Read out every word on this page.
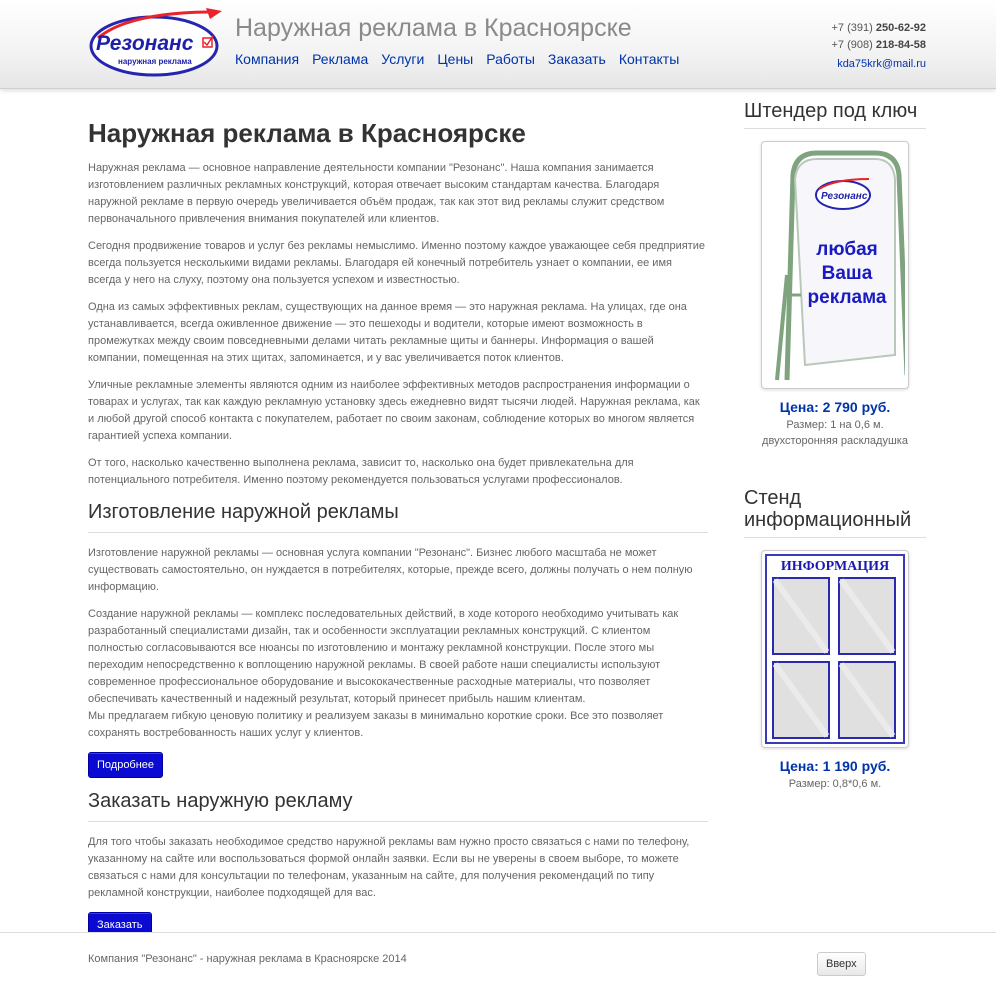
Резонанс
наружная реклама
Наружная реклама в Красноярске
Компания Реклама Услуги Цены Работы Заказать Контакты
+7 (391) 250-62-92
+7 (908) 218-84-58
kda75krk@mail.ru
Наружная реклама в Красноярске

Наружная реклама — основное направление деятельности компании "Резонанс". Наша компания занимается изготовлением различных рекламных конструкций, которая отвечает высоким стандартам качества. Благодаря наружной рекламе в первую очередь увеличивается объём продаж, так как этот вид рекламы служит средством первоначального привлечения внимания покупателей или клиентов.

Сегодня продвижение товаров и услуг без рекламы немыслимо. Именно поэтому каждое уважающее себя предприятие всегда пользуется несколькими видами рекламы. Благодаря ей конечный потребитель узнает о компании, ее имя всегда у него на слуху, поэтому она пользуется успехом и известностью.

Одна из самых эффективных реклам, существующих на данное время — это наружная реклама. На улицах, где она устанавливается, всегда оживленное движение — это пешеходы и водители, которые имеют возможность в промежутках между своим повседневными делами читать рекламные щиты и баннеры. Информация о вашей компании, помещенная на этих щитах, запоминается, и у вас увеличивается поток клиентов.

Уличные рекламные элементы являются одним из наиболее эффективных методов распространения информации о товарах и услугах, так как каждую рекламную установку здесь ежедневно видят тысячи людей. Наружная реклама, как и любой другой способ контакта с покупателем, работает по своим законам, соблюдение которых во многом является гарантией успеха компании.

От того, насколько качественно выполнена реклама, зависит то, насколько она будет привлекательна для потенциального потребителя. Именно поэтому рекомендуется пользоваться услугами профессионалов.

Изготовление наружной рекламы

Изготовление наружной рекламы — основная услуга компании "Резонанс". Бизнес любого масштаба не может существовать самостоятельно, он нуждается в потребителях, которые, прежде всего, должны получать о нем полную информацию.

Создание наружной рекламы — комплекс последовательных действий, в ходе которого необходимо учитывать как разработанный специалистами дизайн, так и особенности эксплуатации рекламных конструкций. С клиентом полностью согласовываются все нюансы по изготовлению и монтажу рекламной конструкции. После этого мы переходим непосредственно к воплощению наружной рекламы. В своей работе наши специалисты используют современное профессиональное оборудование и высококачественные расходные материалы, что позволяет обеспечивать качественный и надежный результат, который принесет прибыль нашим клиентам.

Мы предлагаем гибкую ценовую политику и реализуем заказы в минимально короткие сроки. Все это позволяет сохранять востребованность наших услуг у клиентов.

Подробнее
Заказать наружную рекламу

Для того чтобы заказать необходимое средство наружной рекламы вам нужно просто связаться с нами по телефону, указанному на сайте или воспользоваться формой онлайн заявки. Если вы не уверены в своем выборе, то можете связаться с нами для консультации по телефонам, указанным на сайте, для получения рекомендаций по типу рекламной конструкции, наиболее подходящей для вас.

Заказать
Штендер под ключ
Резонанс
любая
Ваша
реклама
Цена: 2 790 руб.
Размер: 1 на 0,6 м.
двухсторонняя раскладушка
Стенд информационный
ИНФОРМАЦИЯ
Цена: 1 190 руб.
Размер: 0,8*0,6 м.
Компания "Резонанс" - наружная реклама в Красноярске 2014	Вверх
